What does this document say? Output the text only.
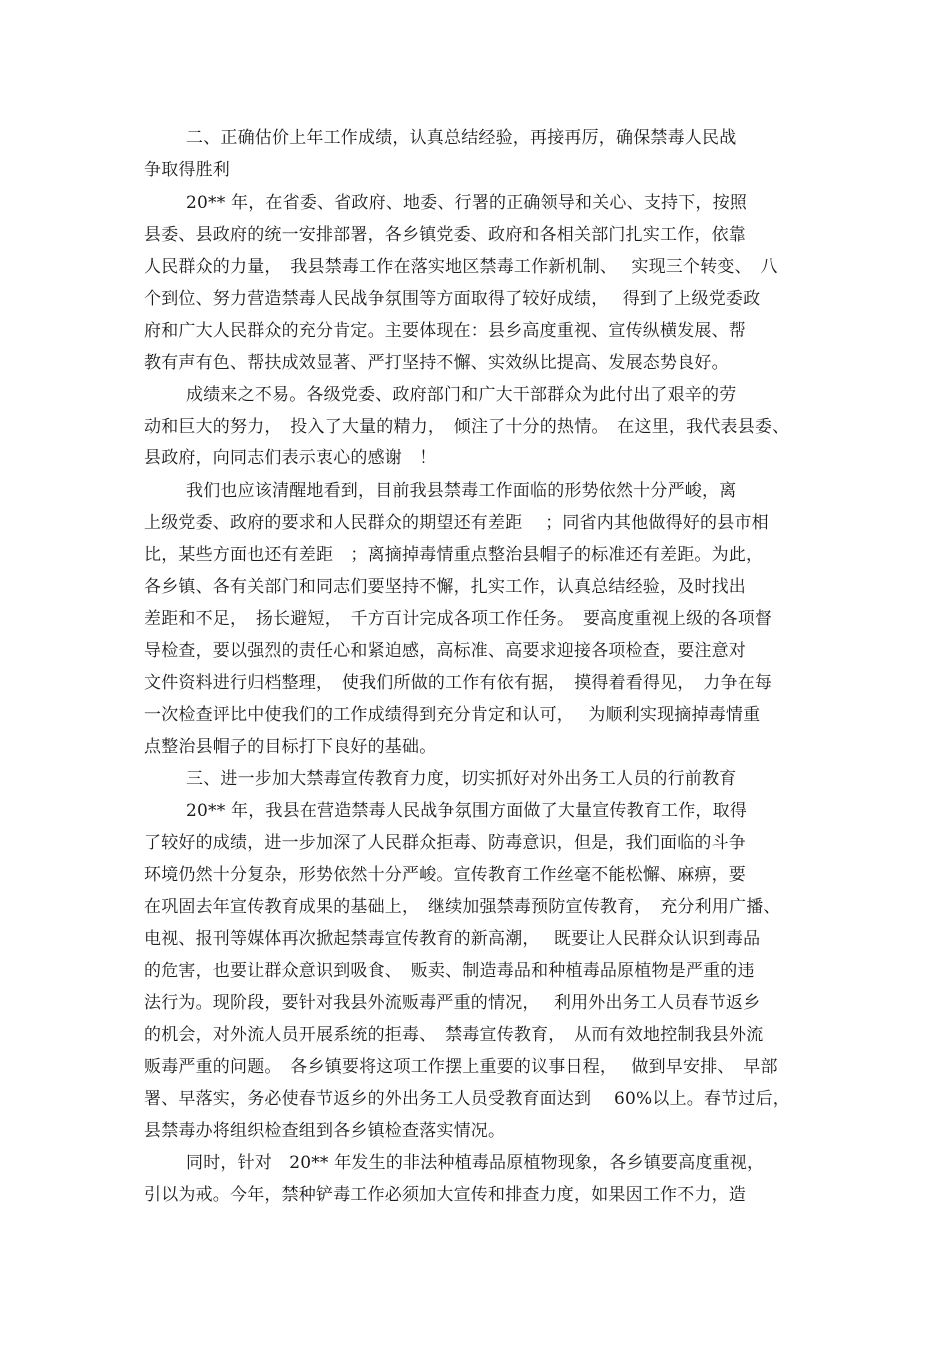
二、正确估价上年工作成绩，认真总结经验，再接再厉，确保禁毒人民战
争取得胜利
20** 年，在省委、省政府、地委、行署的正确领导和关心、支持下，按照
县委、县政府的统一安排部署，各乡镇党委、政府和各相关部门扎实工作，依靠
人民群众的力量，　我县禁毒工作在落实地区禁毒工作新机制、　 实现三个转变、　八
个到位、努力营造禁毒人民战争氛围等方面取得了较好成绩，　 得到了上级党委政
府和广大人民群众的充分肯定。主要体现在：县乡高度重视、宣传纵横发展、帮
教有声有色、帮扶成效显著、严打坚持不懈、实效纵比提高、发展态势良好。
成绩来之不易。各级党委、政府部门和广大干部群众为此付出了艰辛的劳
动和巨大的努力，　投入了大量的精力，　倾注了十分的热情。　在这里，我代表县委、
县政府，向同志们表示衷心的感谢　！
我们也应该清醒地看到，目前我县禁毒工作面临的形势依然十分严峻，离
上级党委、政府的要求和人民群众的期望还有差距　 ；同省内其他做得好的县市相
比，某些方面也还有差距　；离摘掉毒情重点整治县帽子的标准还有差距。为此，
各乡镇、各有关部门和同志们要坚持不懈，扎实工作，认真总结经验，及时找出
差距和不足，　扬长避短，　千方百计完成各项工作任务。　要高度重视上级的各项督
导检查，要以强烈的责任心和紧迫感，高标准、高要求迎接各项检查，要注意对
文件资料进行归档整理，　使我们所做的工作有依有据，　摸得着看得见，　力争在每
一次检查评比中使我们的工作成绩得到充分肯定和认可，　 为顺利实现摘掉毒情重
点整治县帽子的目标打下良好的基础。
三、进一步加大禁毒宣传教育力度，切实抓好对外出务工人员的行前教育
20** 年，我县在营造禁毒人民战争氛围方面做了大量宣传教育工作，取得
了较好的成绩，进一步加深了人民群众拒毒、防毒意识，但是，我们面临的斗争
环境仍然十分复杂，形势依然十分严峻。宣传教育工作丝毫不能松懈、麻痹，要
在巩固去年宣传教育成果的基础上，　继续加强禁毒预防宣传教育，　充分利用广播、
电视、报刊等媒体再次掀起禁毒宣传教育的新高潮，　 既要让人民群众认识到毒品
的危害，也要让群众意识到吸食、　贩卖、制造毒品和种植毒品原植物是严重的违
法行为。现阶段，要针对我县外流贩毒严重的情况，　 利用外出务工人员春节返乡
的机会，对外流人员开展系统的拒毒、　禁毒宣传教育，　从而有效地控制我县外流
贩毒严重的问题。　各乡镇要将这项工作摆上重要的议事日程，　 做到早安排、　早部
署、早落实，务必使春节返乡的外出务工人员受教育面达到　 60%以上。春节过后，
县禁毒办将组织检查组到各乡镇检查落实情况。
同时，针对　20** 年发生的非法种植毒品原植物现象，各乡镇要高度重视，
引以为戒。今年，禁种铲毒工作必须加大宣传和排查力度，如果因工作不力，造
